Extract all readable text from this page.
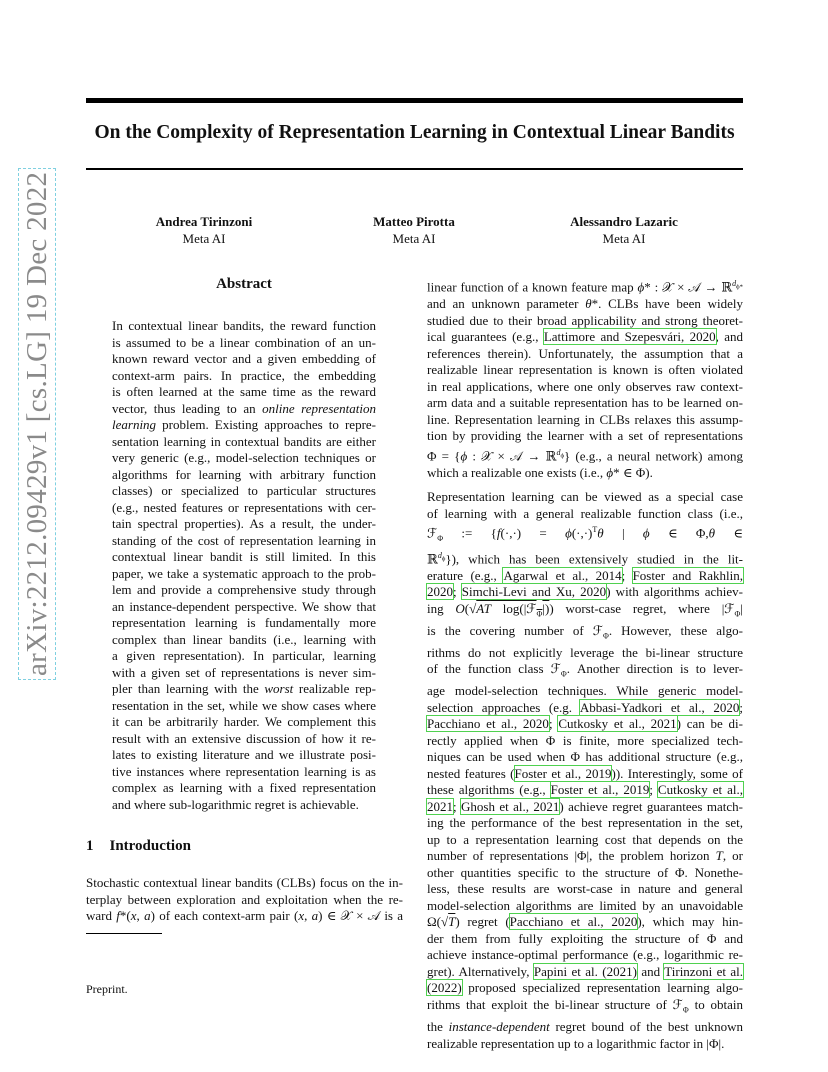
On the Complexity of Representation Learning in Contextual Linear Bandits
Andrea Tirinzoni
Meta AI
Matteo Pirotta
Meta AI
Alessandro Lazaric
Meta AI
arXiv:2212.09429v1 [cs.LG] 19 Dec 2022	Abstract
In contextual linear bandits, the reward function
is assumed to be a linear combination of an un-
known reward vector and a given embedding of
context-arm pairs. In practice, the embedding
is often learned at the same time as the reward
vector, thus leading to an online representation
learning problem. Existing approaches to repre-
sentation learning in contextual bandits are either
very generic (e.g., model-selection techniques or
algorithms for learning with arbitrary function
classes) or specialized to particular structures
(e.g., nested features or representations with cer-
tain spectral properties). As a result, the under-
standing of the cost of representation learning in
contextual linear bandit is still limited. In this
paper, we take a systematic approach to the prob-
lem and provide a comprehensive study through
an instance-dependent perspective. We show that
representation learning is fundamentally more
complex than linear bandits (i.e., learning with
a given representation). In particular, learning
with a given set of representations is never sim-
pler than learning with the worst realizable rep-
resentation in the set, while we show cases where
it can be arbitrarily harder. We complement this
result with an extensive discussion of how it re-
lates to existing literature and we illustrate posi-
tive instances where representation learning is as
complex as learning with a fixed representation
and where sub-logarithmic regret is achievable.
1 Introduction
Stochastic contextual linear bandits (CLBs) focus on the in-
terplay between exploration and exploitation when the re-
ward f*(x, a) of each context-arm pair (x, a) ∈ 𝒳 × 𝒜 is a
Preprint.
linear function of a known feature map ϕ* : 𝒳 × 𝒜 → ℝ$^{d_{\phi*}}$
and an unknown parameter θ*. CLBs have been widely
studied due to their broad applicability and strong theoret-
ical guarantees (e.g., Lattimore and Szepesvári, 2020, and
references therein). Unfortunately, the assumption that a
realizable linear representation is known is often violated
in real applications, where one only observes raw context-
arm data and a suitable representation has to be learned on-
line. Representation learning in CLBs relaxes this assump-
tion by providing the learner with a set of representations
Φ = {ϕ : 𝒳 × 𝒜 → ℝ$^{d_\phi}$} (e.g., a neural network) among
which a realizable one exists (i.e., ϕ* ∈ Φ).
Representation learning can be viewed as a special case
of learning with a general realizable function class (i.e.,
ℱ$_\Phi$ := {f(·,·) = ϕ(·,·)$^T$θ | ϕ ∈ Φ,θ ∈
ℝ$^{d_\phi}$}), which has been extensively studied in the lit-
erature (e.g., Agarwal et al., 2014; Foster and Rakhlin,
2020; Simchi-Levi and Xu, 2020) with algorithms achiev-
ing O(√AT log(|ℱ$_\Phi$|)) worst-case regret, where |ℱ$_\Phi$|
is the covering number of ℱ$_\Phi$. However, these algo-
rithms do not explicitly leverage the bi-linear structure
of the function class ℱ$_\Phi$. Another direction is to lever-
age model-selection techniques. While generic model-
selection approaches (e.g. Abbasi-Yadkori et al., 2020;
Pacchiano et al., 2020; Cutkosky et al., 2021) can be di-
rectly applied when Φ is finite, more specialized tech-
niques can be used when Φ has additional structure (e.g.,
nested features (Foster et al., 2019)). Interestingly, some of
these algorithms (e.g., Foster et al., 2019; Cutkosky et al.,
2021; Ghosh et al., 2021) achieve regret guarantees match-
ing the performance of the best representation in the set,
up to a representation learning cost that depends on the
number of representations |Φ|, the problem horizon T, or
other quantities specific to the structure of Φ. Nonethe-
less, these results are worst-case in nature and general
model-selection algorithms are limited by an unavoidable
Ω(√T) regret (Pacchiano et al., 2020), which may hin-
der them from fully exploiting the structure of Φ and
achieve instance-optimal performance (e.g., logarithmic re-
gret). Alternatively, Papini et al. (2021) and Tirinzoni et al.
(2022) proposed specialized representation learning algo-
rithms that exploit the bi-linear structure of ℱ$_\Phi$ to obtain
the instance-dependent regret bound of the best unknown
realizable representation up to a logarithmic factor in |Φ|.
